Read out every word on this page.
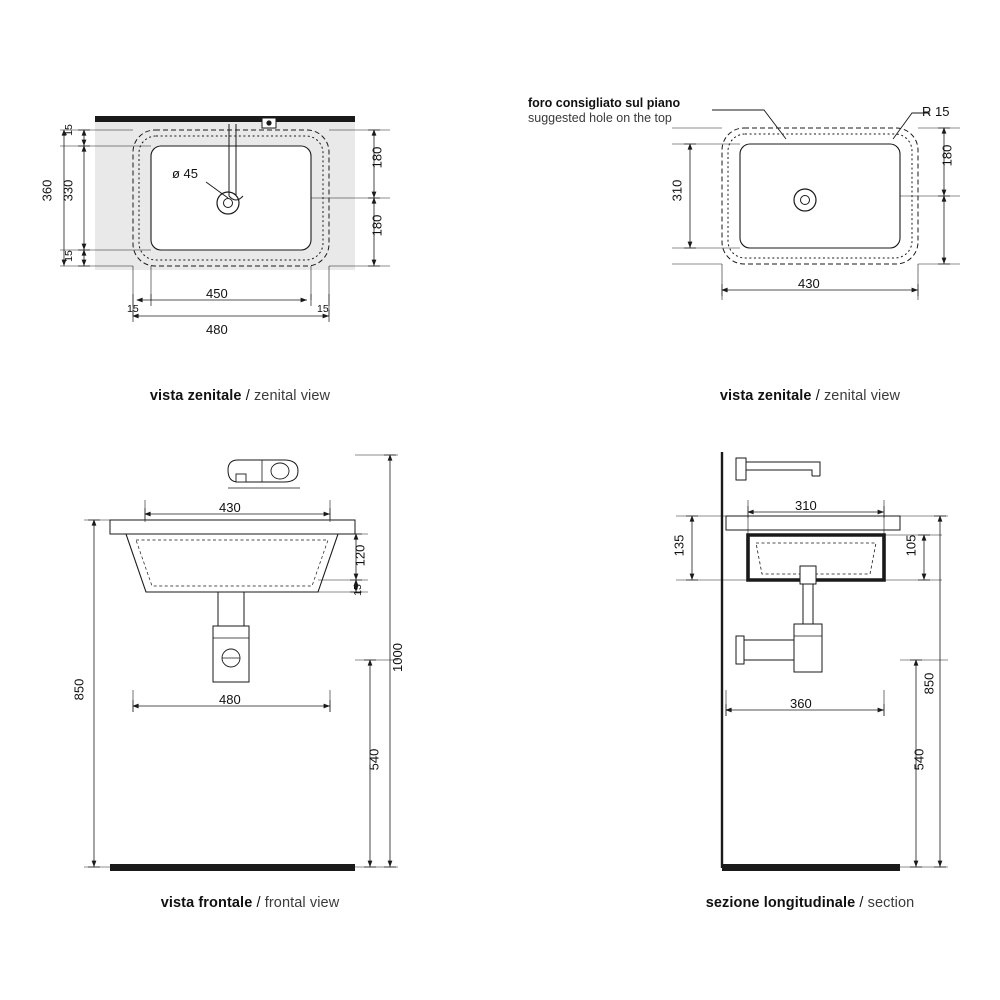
15
330
360
15
180
180
450
480
15	15
ø 45
vista zenitale / zenital view
foro consigliato sul piano
suggested hole on the top	R 15
310
180
430
vista zenitale / zenital view
430
480
120
15
850
1000
540
vista frontale / frontal view
310
135	105
360
850
540
sezione longitudinale / section
